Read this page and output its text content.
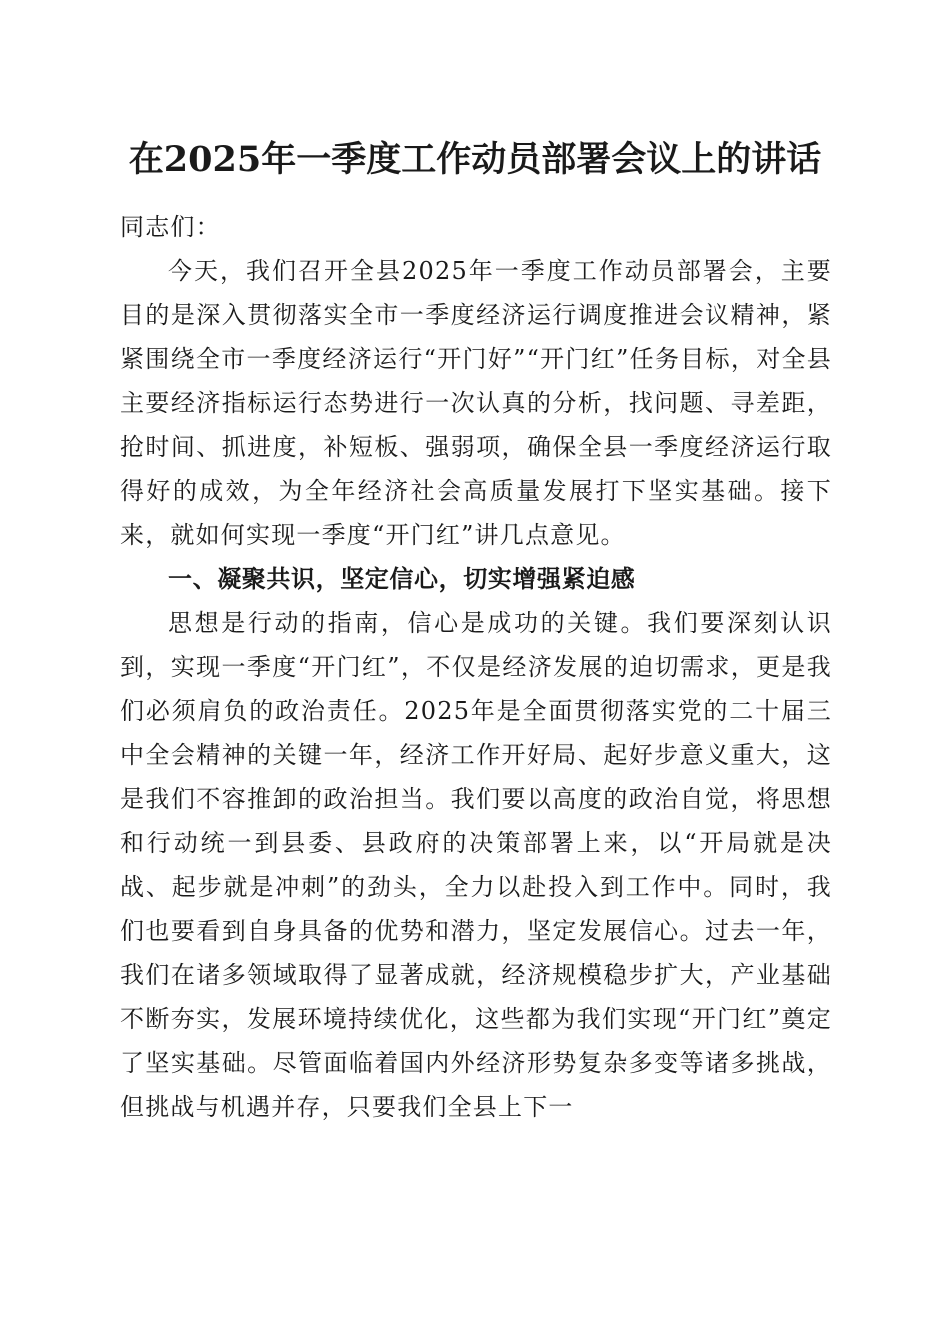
在2025年一季度工作动员部署会议上的讲话

同志们：

今天，我们召开全县2025年一季度工作动员部署会，主要目的是深入贯彻落实全市一季度经济运行调度推进会议精神，紧紧围绕全市一季度经济运行“开门好”“开门红”任务目标，对全县主要经济指标运行态势进行一次认真的分析，找问题、寻差距，抢时间、抓进度，补短板、强弱项，确保全县一季度经济运行取得好的成效，为全年经济社会高质量发展打下坚实基础。接下来，就如何实现一季度“开门红”讲几点意见。

一、凝聚共识，坚定信心，切实增强紧迫感

思想是行动的指南，信心是成功的关键。我们要深刻认识到，实现一季度“开门红”，不仅是经济发展的迫切需求，更是我们必须肩负的政治责任。2025年是全面贯彻落实党的二十届三中全会精神的关键一年，经济工作开好局、起好步意义重大，这是我们不容推卸的政治担当。我们要以高度的政治自觉，将思想和行动统一到县委、县政府的决策部署上来，以“开局就是决战、起步就是冲刺”的劲头，全力以赴投入到工作中。同时，我们也要看到自身具备的优势和潜力，坚定发展信心。过去一年，我们在诸多领域取得了显著成就，经济规模稳步扩大，产业基础不断夯实，发展环境持续优化，这些都为我们实现“开门红”奠定了坚实基础。尽管面临着国内外经济形势复杂多变等诸多挑战，但挑战与机遇并存，只要我们全县上下一
